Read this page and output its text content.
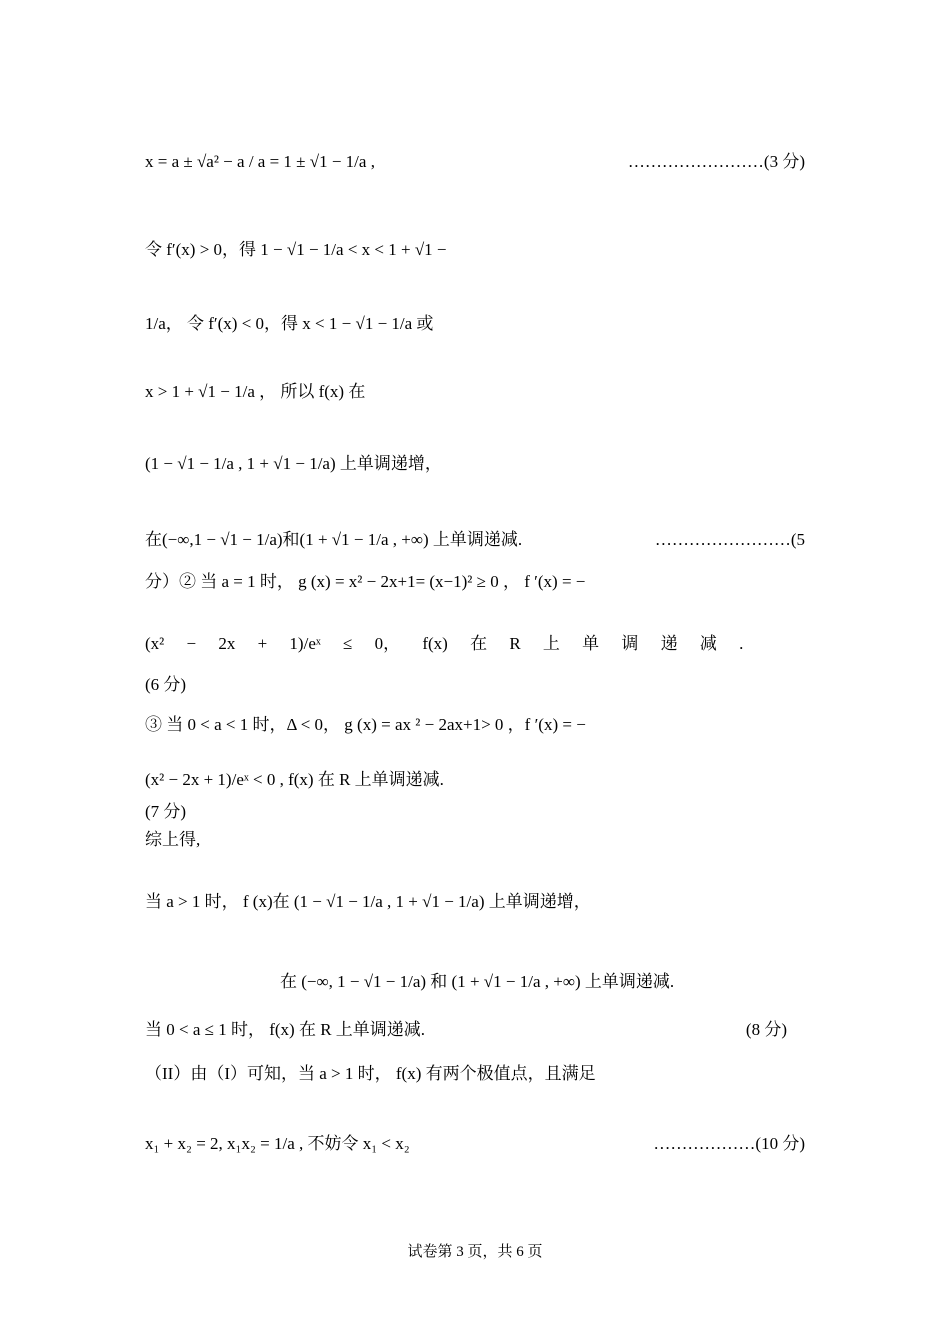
x = a ± √a² − a / a = 1 ± √1 − 1/a ,	……………………(3 分)
令 f′(x) > 0，得 1 − √1 − 1/a < x < 1 + √1 −
1/a， 令 f′(x) < 0，得 x < 1 − √1 − 1/a 或
x > 1 + √1 − 1/a ， 所以 f(x) 在
(1 − √1 − 1/a , 1 + √1 − 1/a) 上单调递增，
在(−∞,1 − √1 − 1/a)和(1 + √1 − 1/a , +∞) 上单调递减.	……………………(5
分）② 当 a = 1 时， g (x) = x² − 2x+1= (x−1)² ≥ 0 ， f ′(x) = −
(x² − 2x + 1)/eˣ ≤ 0， f(x) 在 R 上 单 调 递 减 .
(6 分)
③ 当 0 < a < 1 时，Δ < 0， g (x) = ax ² − 2ax+1> 0 ，f ′(x) = −
(x² − 2x + 1)/eˣ < 0 , f(x) 在 R 上单调递减.
(7 分)
综上得,
当 a > 1 时， f (x)在 (1 − √1 − 1/a , 1 + √1 − 1/a) 上单调递增，
在 (−∞, 1 − √1 − 1/a) 和 (1 + √1 − 1/a , +∞) 上单调递减.
当 0 < a ≤ 1 时， f(x) 在 R 上单调递减.	(8 分)
（II）由（I）可知，当 a > 1 时， f(x) 有两个极值点，且满足
x₁ + x₂ = 2, x₁x₂ = 1/a , 不妨令 x₁ < x₂	………………(10 分)
试卷第 3 页，共 6 页
